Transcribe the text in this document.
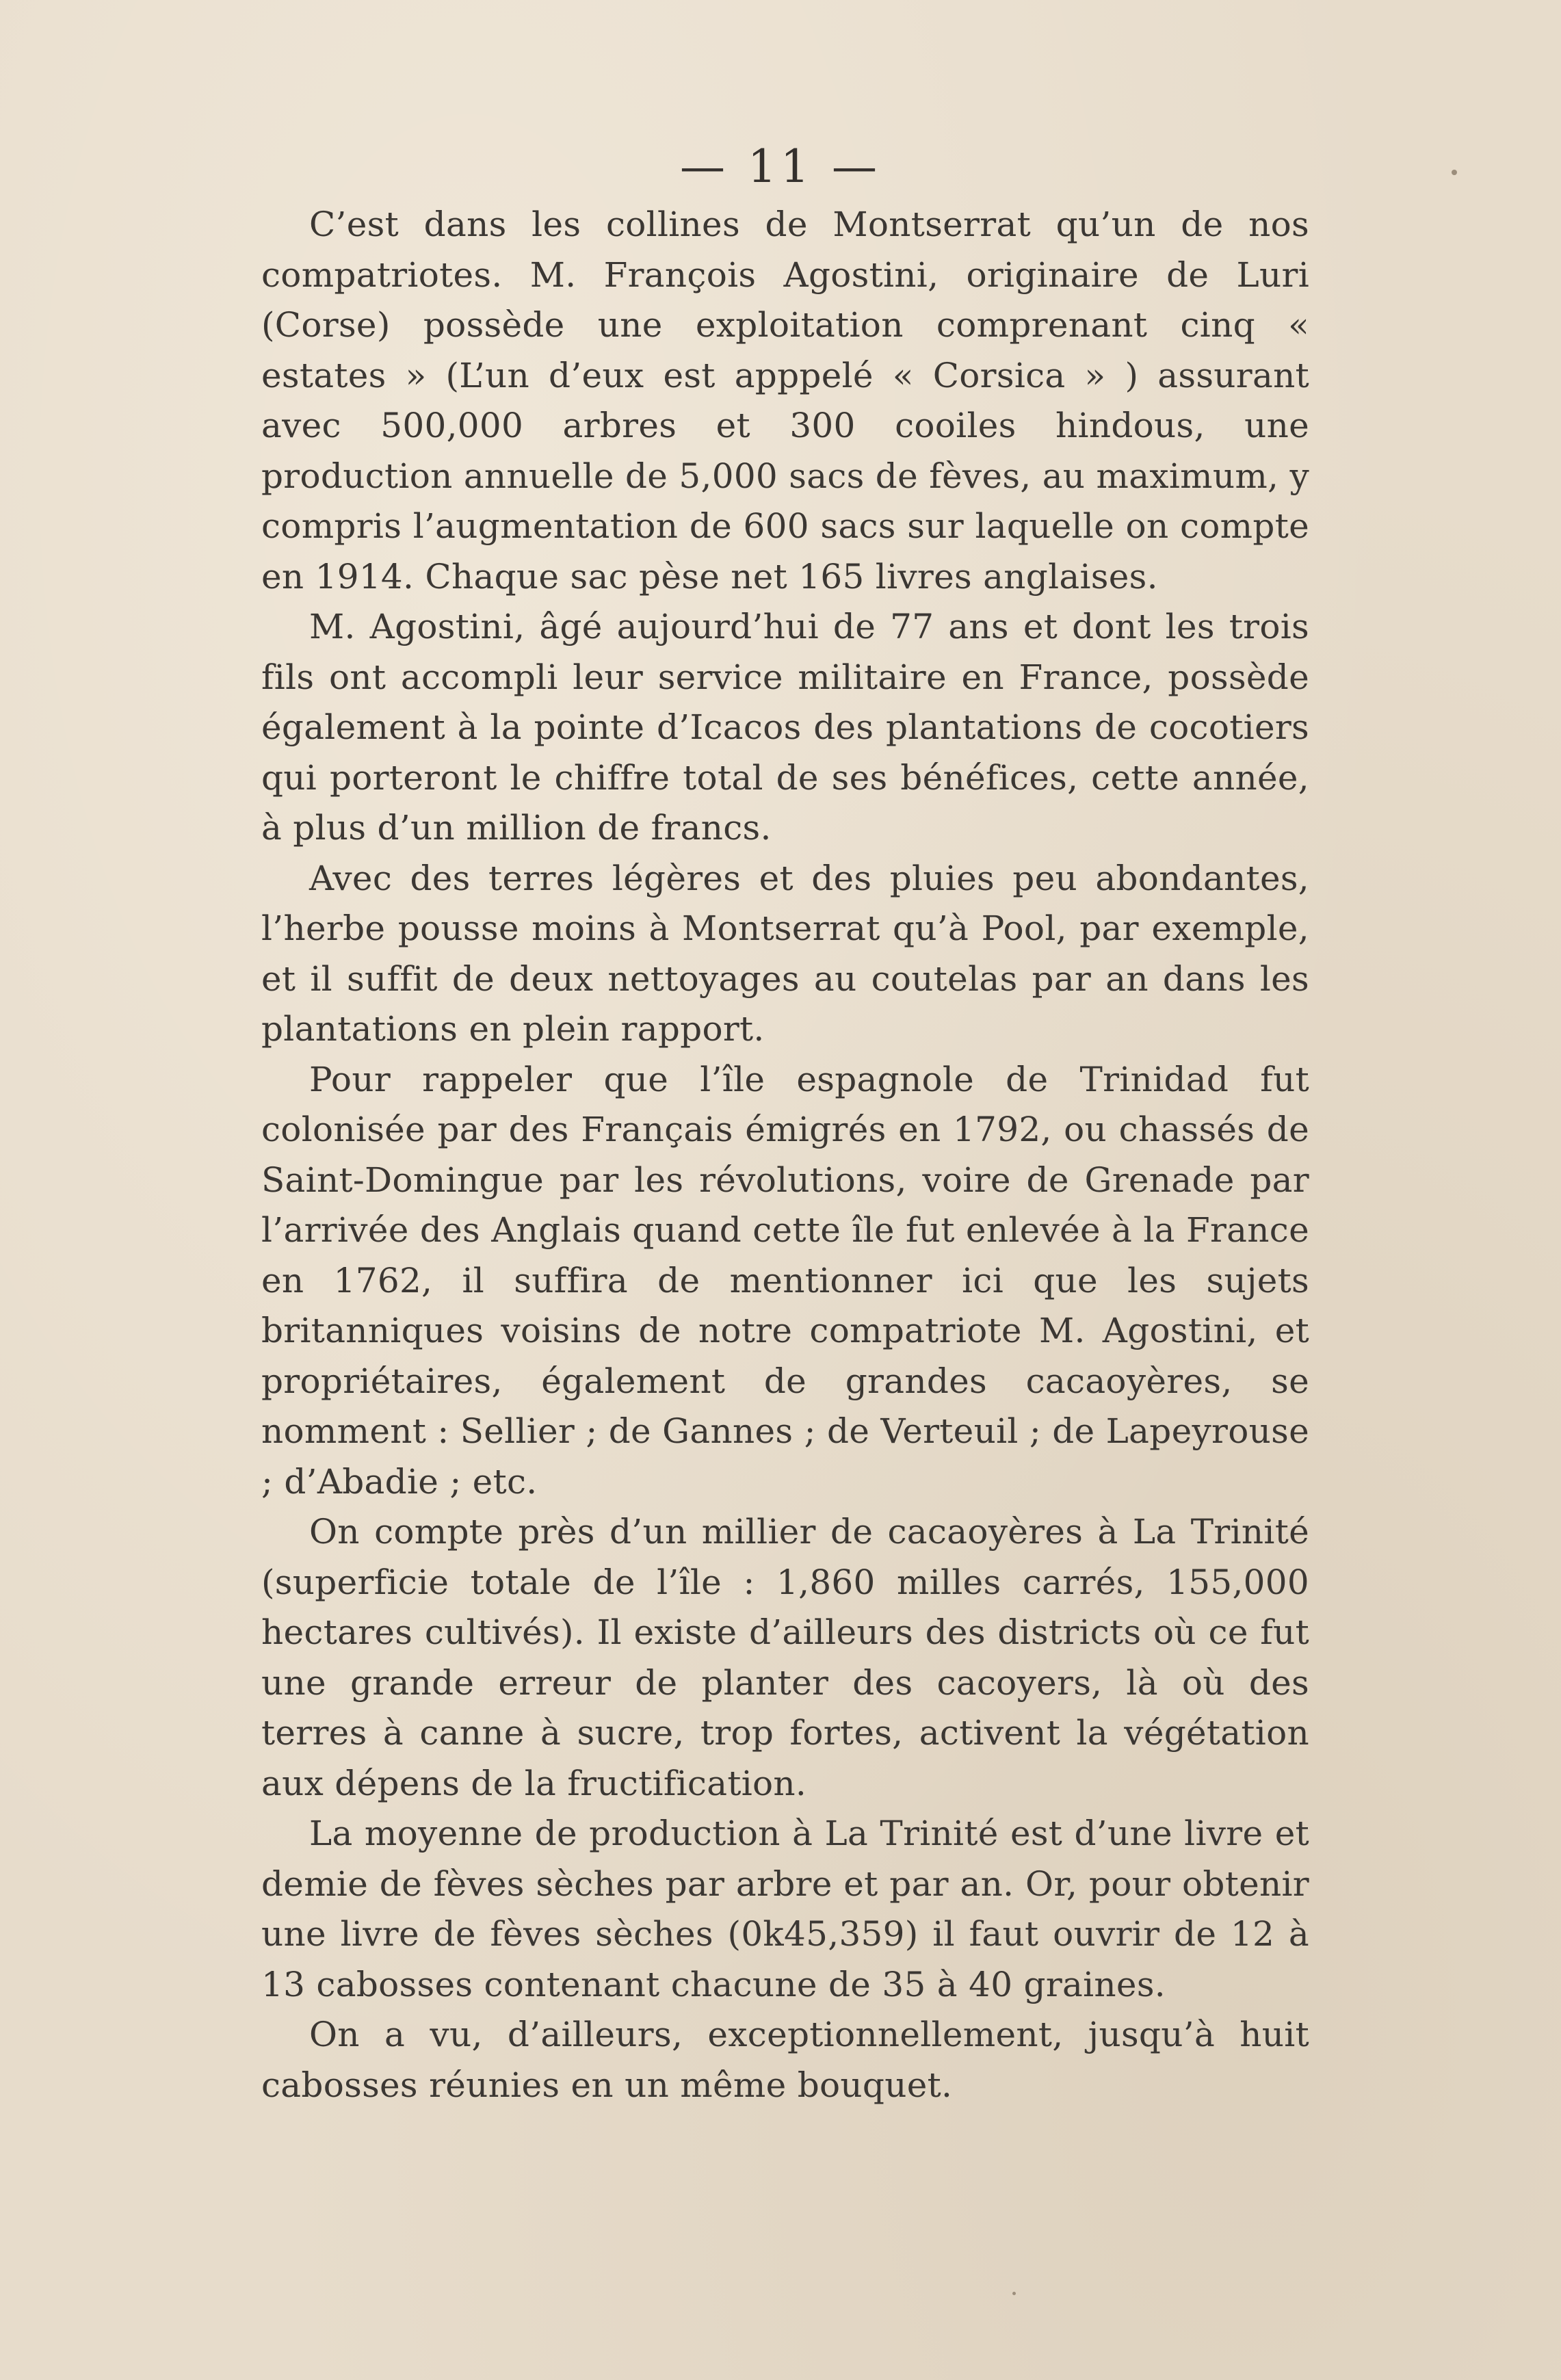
— 11 —

C’est dans les collines de Montserrat qu’un de nos compatriotes. M. François Agostini, originaire de Luri (Corse) possède une exploitation comprenant cinq « estates » (L’un d’eux est apppelé « Corsica » ) assurant avec 500,000 arbres et 300 cooiles hindous, une production annuelle de 5,000 sacs de fèves, au maximum, y compris l’augmentation de 600 sacs sur laquelle on compte en 1914. Chaque sac pèse net 165 livres anglaises.

M. Agostini, âgé aujourd’hui de 77 ans et dont les trois fils ont accompli leur service militaire en France, possède également à la pointe d’Icacos des plantations de cocotiers qui porteront le chiffre total de ses bénéfices, cette année, à plus d’un million de francs.

Avec des terres légères et des pluies peu abondantes, l’herbe pousse moins à Montserrat qu’à Pool, par exemple, et il suffit de deux nettoyages au coutelas par an dans les plantations en plein rapport.

Pour rappeler que l’île espagnole de Trinidad fut colonisée par des Français émigrés en 1792, ou chassés de Saint-Domingue par les révolutions, voire de Grenade par l’arrivée des Anglais quand cette île fut enlevée à la France en 1762, il suffira de mentionner ici que les sujets britanniques voisins de notre compatriote M. Agostini, et propriétaires, également de grandes cacaoyères, se nomment : Sellier ; de Gannes ; de Verteuil ; de Lapeyrouse ; d’Abadie ; etc.

On compte près d’un millier de cacaoyères à La Trinité (superficie totale de l’île : 1,860 milles carrés, 155,000 hectares cultivés). Il existe d’ailleurs des districts où ce fut une grande erreur de planter des cacoyers, là où des terres à canne à sucre, trop fortes, activent la végétation aux dépens de la fructification.

La moyenne de production à La Trinité est d’une livre et demie de fèves sèches par arbre et par an. Or, pour obtenir une livre de fèves sèches (0k45,359) il faut ouvrir de 12 à 13 cabosses contenant chacune de 35 à 40 graines.

On a vu, d’ailleurs, exceptionnellement, jusqu’à huit cabosses réunies en un même bouquet.
